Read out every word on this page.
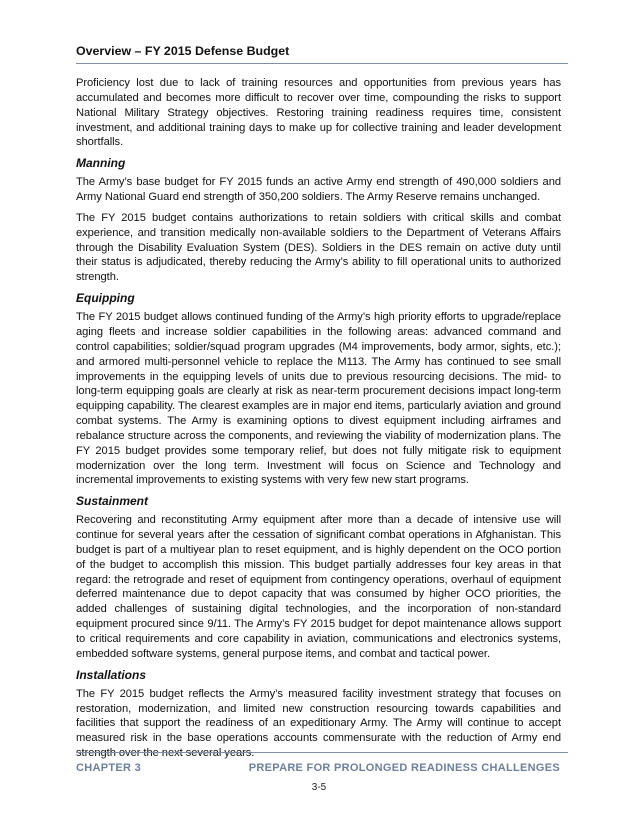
Overview – FY 2015 Defense Budget

Proficiency lost due to lack of training resources and opportunities from previous years has accumulated and becomes more difficult to recover over time, compounding the risks to support National Military Strategy objectives. Restoring training readiness requires time, consistent investment, and additional training days to make up for collective training and leader development shortfalls.

Manning

The Army’s base budget for FY 2015 funds an active Army end strength of 490,000 soldiers and Army National Guard end strength of 350,200 soldiers. The Army Reserve remains unchanged.

The FY 2015 budget contains authorizations to retain soldiers with critical skills and combat experience, and transition medically non-available soldiers to the Department of Veterans Affairs through the Disability Evaluation System (DES). Soldiers in the DES remain on active duty until their status is adjudicated, thereby reducing the Army’s ability to fill operational units to authorized strength.

Equipping

The FY 2015 budget allows continued funding of the Army’s high priority efforts to upgrade/replace aging fleets and increase soldier capabilities in the following areas: advanced command and control capabilities; soldier/squad program upgrades (M4 improvements, body armor, sights, etc.); and armored multi-personnel vehicle to replace the M113. The Army has continued to see small improvements in the equipping levels of units due to previous resourcing decisions. The mid- to long-term equipping goals are clearly at risk as near-term procurement decisions impact long-term equipping capability. The clearest examples are in major end items, particularly aviation and ground combat systems. The Army is examining options to divest equipment including airframes and rebalance structure across the components, and reviewing the viability of modernization plans. The FY 2015 budget provides some temporary relief, but does not fully mitigate risk to equipment modernization over the long term. Investment will focus on Science and Technology and incremental improvements to existing systems with very few new start programs.

Sustainment

Recovering and reconstituting Army equipment after more than a decade of intensive use will continue for several years after the cessation of significant combat operations in Afghanistan. This budget is part of a multiyear plan to reset equipment, and is highly dependent on the OCO portion of the budget to accomplish this mission. This budget partially addresses four key areas in that regard: the retrograde and reset of equipment from contingency operations, overhaul of equipment deferred maintenance due to depot capacity that was consumed by higher OCO priorities, the added challenges of sustaining digital technologies, and the incorporation of non-standard equipment procured since 9/11. The Army’s FY 2015 budget for depot maintenance allows support to critical requirements and core capability in aviation, communications and electronics systems, embedded software systems, general purpose items, and combat and tactical power.

Installations

The FY 2015 budget reflects the Army’s measured facility investment strategy that focuses on restoration, modernization, and limited new construction resourcing towards capabilities and facilities that support the readiness of an expeditionary Army. The Army will continue to accept measured risk in the base operations accounts commensurate with the reduction of Army end strength over the next several years.

CHAPTER 3	PREPARE FOR PROLONGED READINESS CHALLENGES
3-5
